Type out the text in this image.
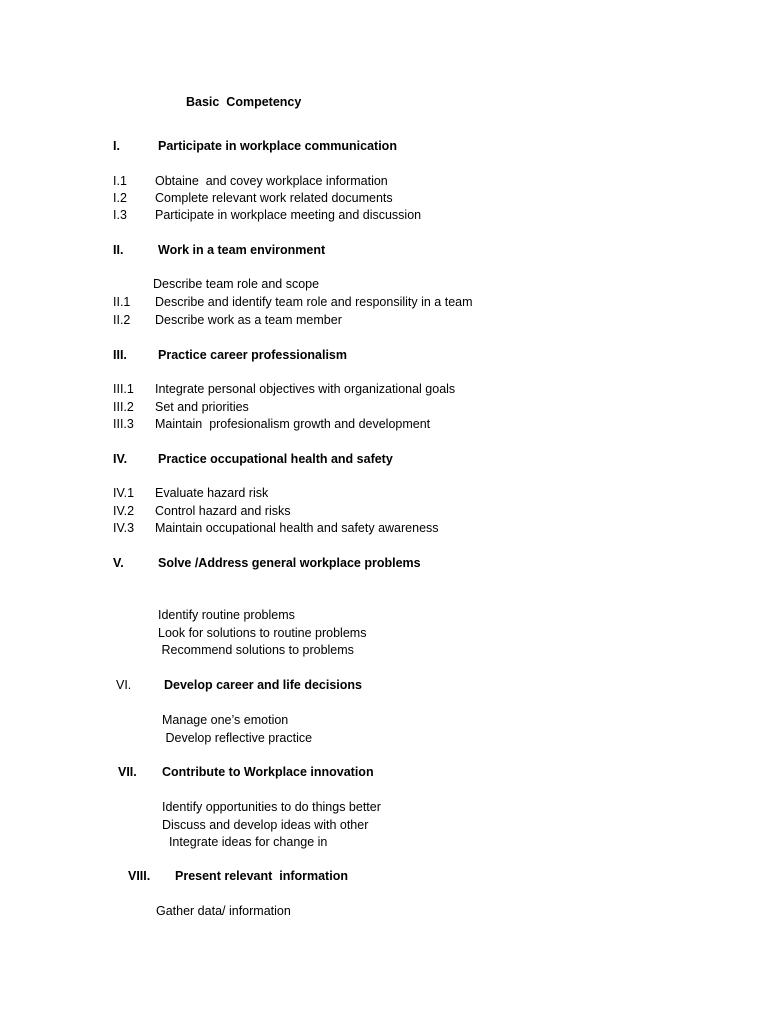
Basic  Competency
I.	Participate in workplace communication
I.1 Obtaine  and covey workplace information
I.2 Complete relevant work related documents
I.3 Participate in workplace meeting and discussion
II.	Work in a team environment
Describe team role and scope
II.1 Describe and identify team role and responsility in a team
II.2 Describe work as a team member
III. Practice career professionalism
III.1 Integrate personal objectives with organizational goals
III.2 Set and priorities
III.3 Maintain  profesionalism growth and development
IV. Practice occupational health and safety
IV.1 Evaluate hazard risk
IV.2 Control hazard and risks
IV.3 Maintain occupational health and safety awareness
V.	Solve /Address general workplace problems
Identify routine problems
Look for solutions to routine problems
Recommend solutions to problems
VI.	Develop career and life decisions
Manage one’s emotion
Develop reflective practice
VII. Contribute to Workplace innovation
Identify opportunities to do things better
Discuss and develop ideas with other
Integrate ideas for change in
VIII. Present relevant  information
Gather data/ information
